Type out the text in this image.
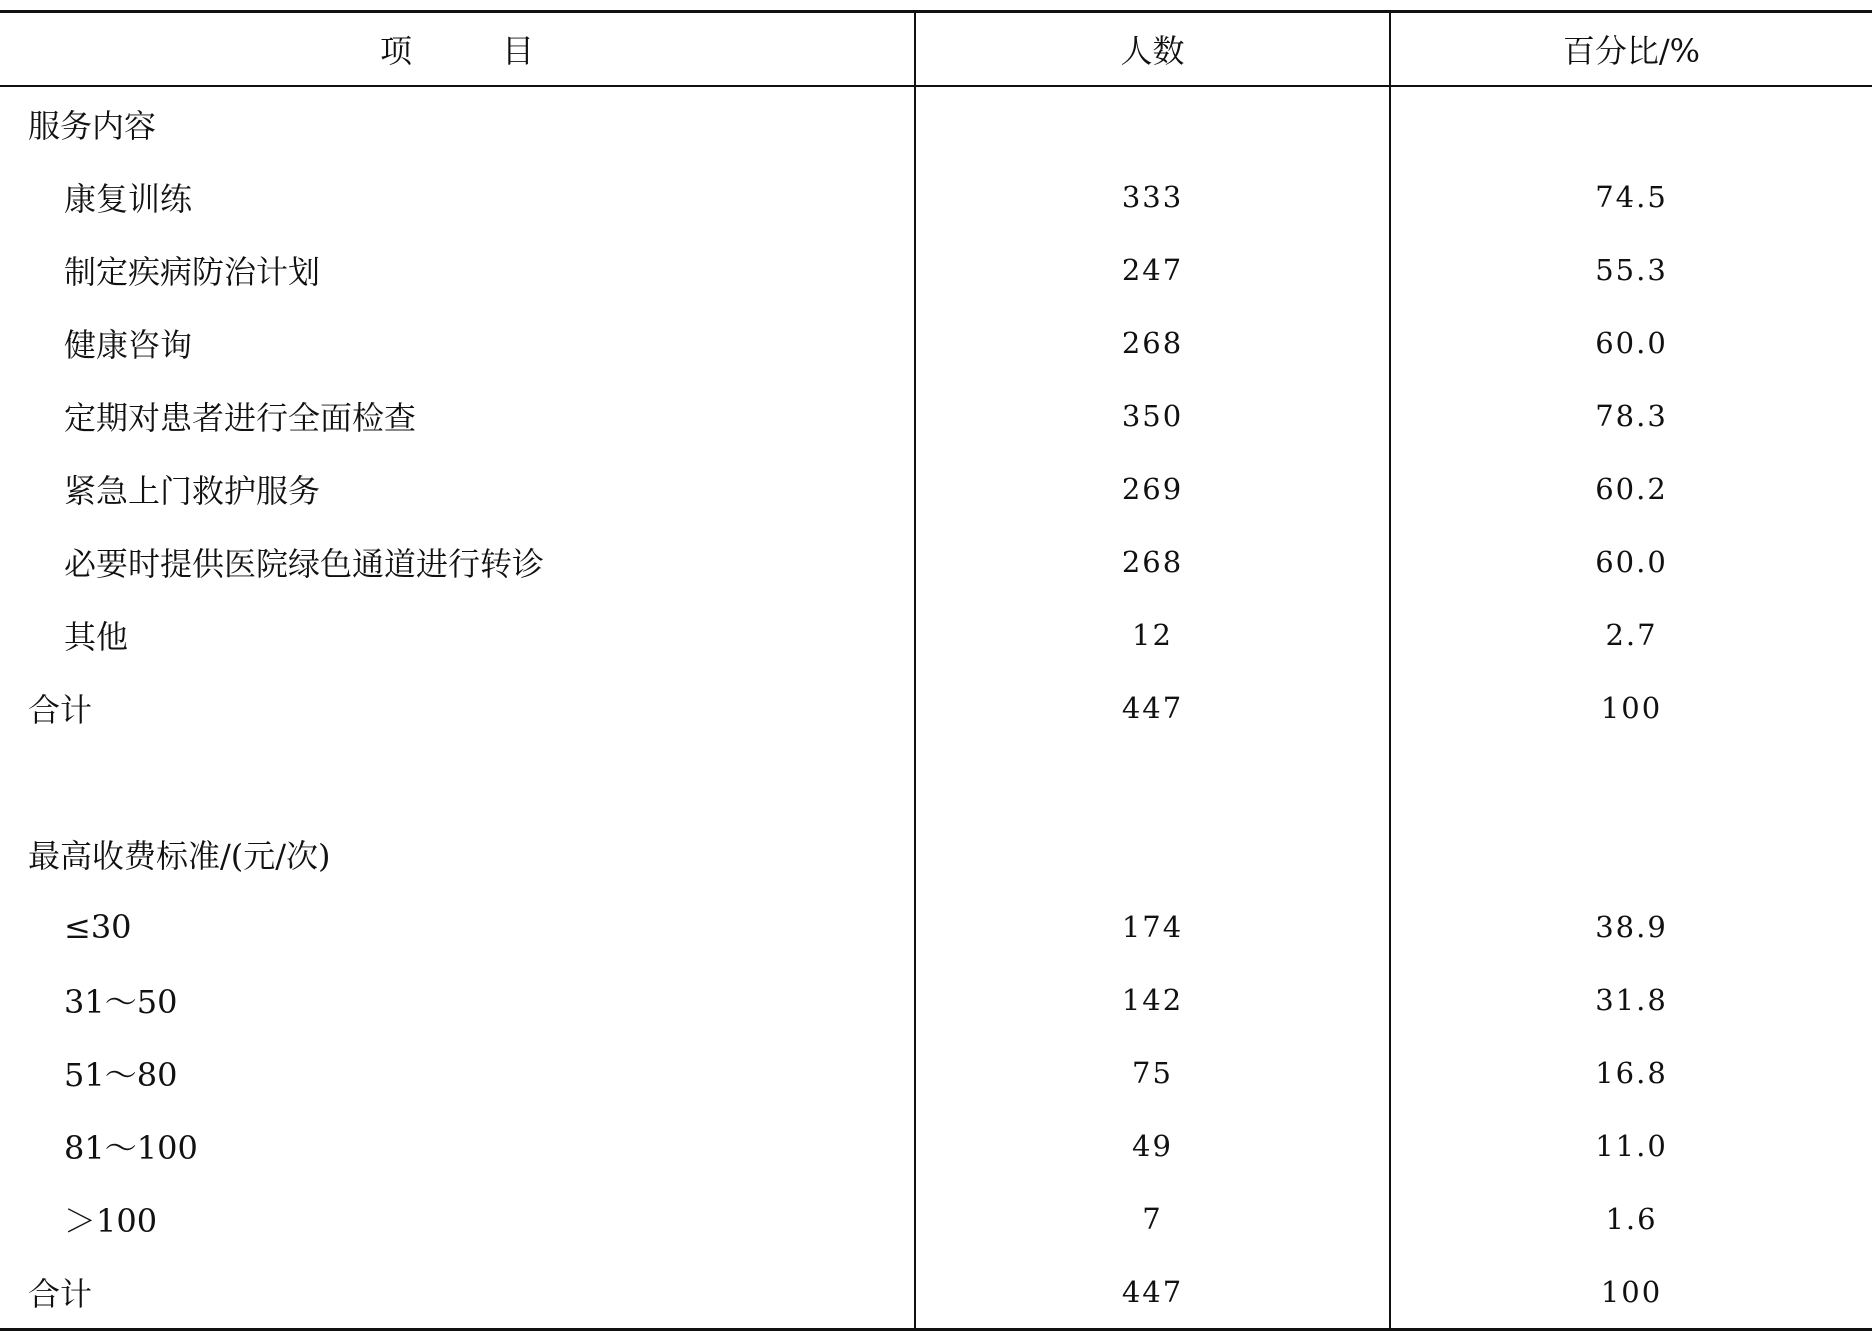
项 目	人数	百分比/%
服务内容		
康复训练	333	74.5
制定疾病防治计划	247	55.3
健康咨询	268	60.0
定期对患者进行全面检查	350	78.3
紧急上门救护服务	269	60.2
必要时提供医院绿色通道进行转诊	268	60.0
其他	12	2.7
合计	447	100

最高收费标准/(元/次)		
≤30	174	38.9
31～50	142	31.8
51～80	75	16.8
81～100	49	11.0
＞100	7	1.6
合计	447	100
